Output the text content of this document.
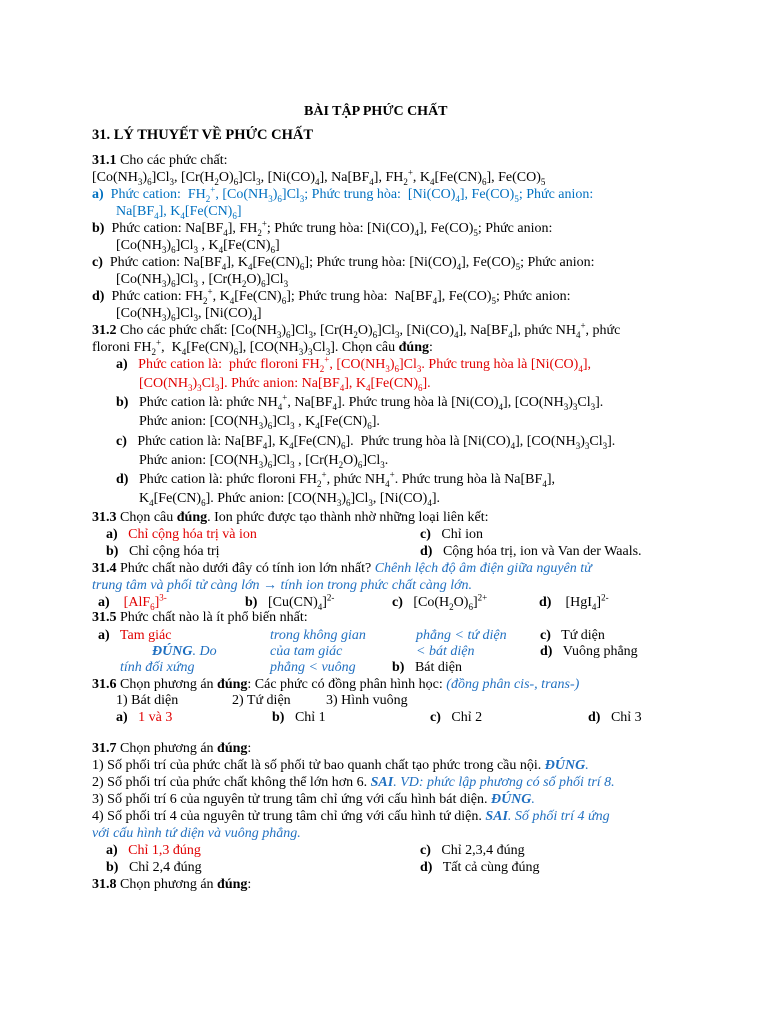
BÀI TẬP PHỨC CHẤT
31. LÝ THUYẾT VỀ PHỨC CHẤT
31.1 Cho các phức chất:
$[Co(NH_3)_6]Cl_3$, $[Cr(H_2O)_6]Cl_3$, $[Ni(CO)_4]$, $Na[BF_4]$, $FH_2^+$, $K_4[Fe(CN)_6]$, $Fe(CO)_5$
a)  Phức cation:  $FH_2^+$, $[Co(NH_3)_6]Cl_3$; Phức trung hòa:  $[Ni(CO)_4]$, $Fe(CO)_5$; Phức anion:
$Na[BF_4]$, $K_4[Fe(CN)_6]$
b)  Phức cation: $Na[BF_4]$, $FH_2^+$; Phức trung hòa: $[Ni(CO)_4]$, $Fe(CO)_5$; Phức anion:
$[Co(NH_3)_6]Cl_3$ , $K_4[Fe(CN)_6]$
c)  Phức cation: $Na[BF_4]$, $K_4[Fe(CN)_6]$; Phức trung hòa: $[Ni(CO)_4]$, $Fe(CO)_5$; Phức anion:
$[Co(NH_3)_6]Cl_3$ , $[Cr(H_2O)_6]Cl_3$
d)  Phức cation: $FH_2^+$, $K_4[Fe(CN)_6]$; Phức trung hòa:  $Na[BF_4]$, $Fe(CO)_5$; Phức anion:
$[Co(NH_3)_6]Cl_3$, $[Ni(CO)_4]$
31.2 Cho các phức chất: $[Co(NH_3)_6]Cl_3$, $[Cr(H_2O)_6]Cl_3$, $[Ni(CO)_4]$, $Na[BF_4]$, phức $NH_4^+$, phức
floroni $FH_2^+$,  $K_4[Fe(CN)_6]$, $[CO(NH_3)_3Cl_3]$. Chọn câu đúng:
a)   Phức cation là:  phức floroni $FH_2^+$, $[CO(NH_3)_6]Cl_3$. Phức trung hòa là $[Ni(CO)_4]$,
$[CO(NH_3)_3Cl_3]$. Phức anion: $Na[BF_4]$, $K_4[Fe(CN)_6]$.
b)   Phức cation là: phức $NH_4^+$, $Na[BF_4]$. Phức trung hòa là $[Ni(CO)_4]$, $[CO(NH_3)_3Cl_3]$.
Phức anion: $[CO(NH_3)_6]Cl_3$ , $K_4[Fe(CN)_6]$.
c)   Phức cation là: $Na[BF_4]$, $K_4[Fe(CN)_6]$.  Phức trung hòa là $[Ni(CO)_4]$, $[CO(NH_3)_3Cl_3]$.
Phức anion: $[CO(NH_3)_6]Cl_3$ , $[Cr(H_2O)_6]Cl_3$.
d)   Phức cation là: phức floroni $FH_2^+$, phức $NH_4^+$. Phức trung hòa là $Na[BF_4]$,
$K_4[Fe(CN)_6]$. Phức anion: $[CO(NH_3)_6]Cl_3$, $[Ni(CO)_4]$.
31.3 Chọn câu đúng. Ion phức được tạo thành nhờ những loại liên kết:
a) Chỉ cộng hóa trị và ion	c) Chỉ ion
b) Chỉ cộng hóa trị	d) Cộng hóa trị, ion và Van der Waals.
31.4 Phức chất nào dưới đây có tính ion lớn nhất? Chênh lệch độ âm điện giữa nguyên tử
trung tâm và phối tử càng lớn → tính ion trong phức chất càng lớn.
a) $[AlF_6]^{3-}$	b)   $[Cu(CN)_4]^{2-}$	c)   $[Co(H_2O)_6]^{2+}$	d)    $[HgI_4]^{2-}$
31.5 Phức chất nào là ít phổ biến nhất:
a) Tam giác	trong không gian	phẳng < tứ diện c) Tứ diện
ĐÚNG. Do	của tam giác	< bát diện	d) Vuông phẳng
tính đối xứng	phẳng < vuông	b) Bát diện
31.6 Chọn phương án đúng: Các phức có đồng phân hình học: (đồng phân cis-, trans-)
1) Bát diện	2) Tứ diện	3) Hình vuông
a) 1 và 3	b) Chỉ 1	c) Chỉ 2	d) Chỉ 3
31.7 Chọn phương án đúng:
1) Số phối trí của phức chất là số phối tử bao quanh chất tạo phức trong cầu nội. ĐÚNG.
2) Số phối trí của phức chất không thể lớn hơn 6. SAI. VD: phức lập phương có số phối trí 8.
3) Số phối trí 6 của nguyên tử trung tâm chỉ ứng với cấu hình bát diện. ĐÚNG.
4) Số phối trí 4 của nguyên tử trung tâm chỉ ứng với cấu hình tứ diện. SAI. Số phối trí 4 ứng
với cấu hình tứ diện và vuông phẳng.
a) Chỉ 1,3 đúng	c) Chỉ 2,3,4 đúng
b) Chỉ 2,4 đúng	d) Tất cả cùng đúng
31.8 Chọn phương án đúng:
